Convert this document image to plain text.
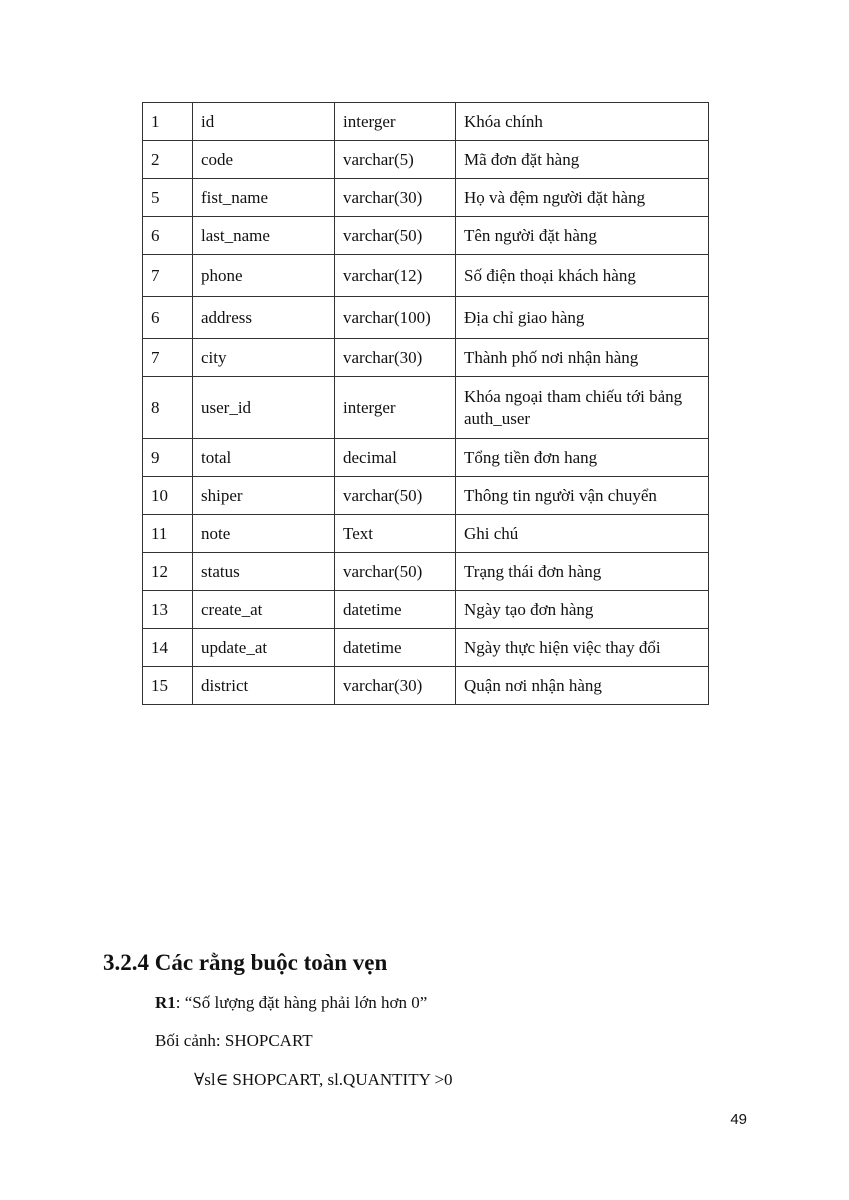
1	id	interger	Khóa chính
2	code	varchar(5)	Mã đơn đặt hàng
5	fist_name	varchar(30)	Họ và đệm người đặt hàng
6	last_name	varchar(50)	Tên người đặt hàng
7	phone	varchar(12)	Số điện thoại khách hàng
6	address	varchar(100)	Địa chỉ giao hàng
7	city	varchar(30)	Thành phố nơi nhận hàng
8	user_id	interger	Khóa ngoại tham chiếu tới bảng auth_user
9	total	decimal	Tổng tiền đơn hang
10	shiper	varchar(50)	Thông tin người vận chuyển
11	note	Text	Ghi chú
12	status	varchar(50)	Trạng thái đơn hàng
13	create_at	datetime	Ngày tạo đơn hàng
14	update_at	datetime	Ngày thực hiện việc thay đổi
15	district	varchar(30)	Quận nơi nhận hàng
3.2.4 Các rằng buộc toàn vẹn

R1: “Số lượng đặt hàng phải lớn hơn 0”

Bối cảnh: SHOPCART

∀sl∈ SHOPCART, sl.QUANTITY >0

49
